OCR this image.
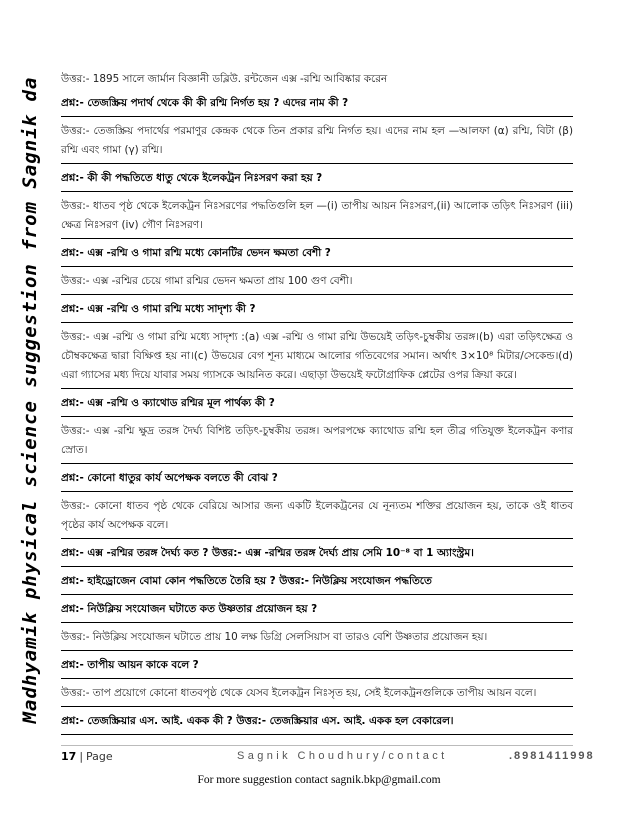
Madhyamik physical science suggestion from Sagnik da উত্তর:- 1895 সালে জার্মান বিজ্ঞানী ডব্লিউ. রন্টজেন এক্স -রশ্মি আবিষ্কার করেন
প্রশ্ন:- তেজস্ক্রিয় পদার্থ থেকে কী কী রশ্মি নির্গত হয় ? এদের নাম কী ?
উত্তর:- তেজস্ক্রিয় পদার্থের পরমাণুর কেন্দ্রক থেকে তিন প্রকার রশ্মি নির্গত হয়। এদের নাম হল —আলফা (α) রশ্মি, বিটা (β) রশ্মি এবং গামা (γ) রশ্মি।
প্রশ্ন:- কী কী পদ্ধতিতে ধাতু থেকে ইলেকট্রন নিঃসরণ করা হয় ?
উত্তর:- ধাতব পৃষ্ঠ থেকে ইলেকট্রন নিঃসরণের পদ্ধতিগুলি হল —(i) তাপীয় আয়ন নিঃসরণ,(ii) আলোক তড়িৎ নিঃসরণ (iii) ক্ষেত্র নিঃসরণ (iv) গৌণ নিঃসরণ।
প্রশ্ন:- এক্স -রশ্মি ও গামা রশ্মি মধ্যে কোনটির ভেদন ক্ষমতা বেশী ?
উত্তর:- এক্স -রশ্মির চেয়ে গামা রশ্মির ভেদন ক্ষমতা প্রায় 100 গুণ বেশী।
প্রশ্ন:- এক্স -রশ্মি ও গামা রশ্মি মধ্যে সাদৃশ্য কী ?
উত্তর:- এক্স -রশ্মি ও গামা রশ্মি মধ্যে সাদৃশ্য :(a) এক্স -রশ্মি ও গামা রশ্মি উভয়েই তড়িৎ-চুম্বকীয় তরঙ্গ।(b) এরা তড়িৎক্ষেত্র ও চৌম্বকক্ষেত্র দ্বারা বিক্ষিপ্ত হয় না।(c) উভয়ের বেগ শূন্য মাধ্যমে আলোর গতিবেগের সমান। অর্থাৎ 3×10⁸ মিটার/সেকেন্ড।(d) এরা গ্যাসের মধ্য দিয়ে যাবার সময় গ্যাসকে আয়নিত করে। এছাড়া উভয়েই ফটোগ্রাফিক প্লেটের ওপর ক্রিয়া করে।
প্রশ্ন:- এক্স -রশ্মি ও ক্যাথোড রশ্মির মূল পার্থক্য কী ?
উত্তর:- এক্স -রশ্মি ক্ষুদ্র তরঙ্গ দৈর্ঘ্য বিশিষ্ট তড়িৎ-চুম্বকীয় তরঙ্গ। অপরপক্ষে ক্যাথোড রশ্মি হল তীব্র গতিযুক্ত ইলেকট্রন কণার স্রোত।
প্রশ্ন:- কোনো ধাতুর কার্য অপেক্ষক বলতে কী বোঝ ?
উত্তর:- কোনো ধাতব পৃষ্ঠ থেকে বেরিয়ে আসার জন্য একটি ইলেকট্রনের যে নূন্যতম শক্তির প্রয়োজন হয়, তাকে ওই ধাতব পৃষ্ঠের কার্য অপেক্ষক বলে।
প্রশ্ন:- এক্স -রশ্মির তরঙ্গ দৈর্ঘ্য কত ? উত্তর:- এক্স -রশ্মির তরঙ্গ দৈর্ঘ্য প্রায় সেমি 10⁻⁸ বা 1 অ্যাংস্ট্রম।
প্রশ্ন:- হাইড্রোজেন বোমা কোন পদ্ধতিতে তৈরি হয় ? উত্তর:- নিউক্লিয় সংযোজন পদ্ধতিতে
প্রশ্ন:- নিউক্লিয় সংযোজন ঘটাতে কত উষ্ণতার প্রয়োজন হয় ?
উত্তর:- নিউক্লিয় সংযোজন ঘটাতে প্রায় 10 লক্ষ ডিগ্রি সেলসিয়াস বা তারও বেশি উষ্ণতার প্রয়োজন হয়।
প্রশ্ন:- তাপীয় আয়ন কাকে বলে ?
উত্তর:- তাপ প্রয়োগে কোনো ধাতবপৃষ্ঠ থেকে যেসব ইলেকট্রন নিঃসৃত হয়, সেই ইলেকট্রনগুলিকে তাপীয় আয়ন বলে।
প্রশ্ন:- তেজস্ক্রিয়ার এস. আই. একক কী ? উত্তর:- তেজস্ক্রিয়ার এস. আই. একক হল বেকারেল।
17 | Page	Sagnik Choudhury/contact	.8981411998
For more suggestion contact sagnik.bkp@gmail.com
